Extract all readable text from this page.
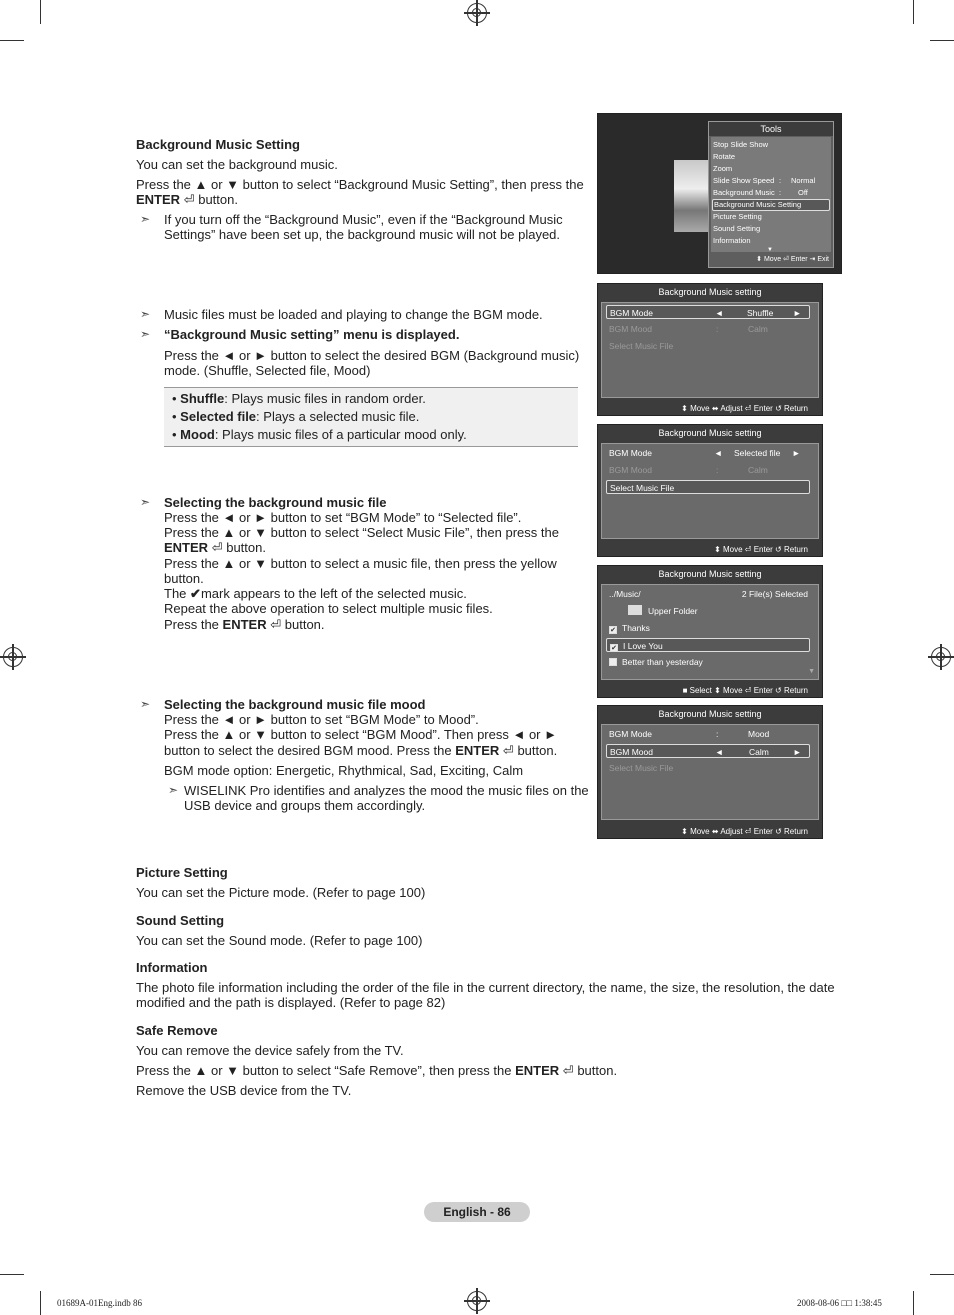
Background Music Setting
You can set the background music.
Press the ▲ or ▼ button to select “Background Music Setting”, then press the
ENTER ⏎ button.
➣ If you turn off the “Background Music”, even if the “Background Music
Settings” have been set up, the background music will not be played.
➣ Music files must be loaded and playing to change the BGM mode.
➣ “Background Music setting” menu is displayed.
Press the ◄ or ► button to select the desired BGM (Background music)
mode. (Shuffle, Selected file, Mood)
• Shuffle: Plays music files in random order.
• Selected file: Plays a selected music file.
• Mood: Plays music files of a particular mood only.
➣ Selecting the background music file
Press the ◄ or ► button to set “BGM Mode” to “Selected file”.
Press the ▲ or ▼ button to select “Select Music File”, then press the
ENTER ⏎ button.
Press the ▲ or ▼ button to select a music file, then press the yellow
button.
The ✔mark appears to the left of the selected music.
Repeat the above operation to select multiple music files.
Press the ENTER ⏎ button.
➣ Selecting the background music file mood
Press the ◄ or ► button to set “BGM Mode” to Mood”.
Press the ▲ or ▼ button to select “BGM Mood”. Then press ◄ or ►
button to select the desired BGM mood. Press the ENTER ⏎ button.
BGM mode option: Energetic, Rhythmical, Sad, Exciting, Calm
➣ WISELINK Pro identifies and analyzes the mood the music files on the
USB device and groups them accordingly.
Picture Setting
You can set the Picture mode. (Refer to page 100)
Sound Setting
You can set the Sound mode. (Refer to page 100)
Information
The photo file information including the order of the file in the current directory, the name, the size, the resolution, the date
modified and the path is displayed. (Refer to page 82)
Safe Remove
You can remove the device safely from the TV.
Press the ▲ or ▼ button to select “Safe Remove”, then press the ENTER ⏎ button.
Remove the USB device from the TV.
English - 86
01689A-01Eng.indb 86	2008-08-06 □□ 1:38:45
Tools
Stop Slide Show
Rotate
Zoom
Slide Show Speed : Normal
Background Music : Off
Background Music Setting
Picture Setting
Sound Setting
Information
▼
⬍ Move ⏎ Enter ⇥ Exit
Background Music setting
BGM Mode	◄	Shuffle ►
BGM Mood	:	Calm
Select Music File
⬍ Move ⬌ Adjust ⏎ Enter ↺ Return
Background Music setting
BGM Mode	◄ Selected file ►
BGM Mood	:	Calm
Select Music File
⬍ Move ⏎ Enter ↺ Return
Background Music setting
../Music/	2 File(s) Selected
Upper Folder
✔ Thanks
✔ I Love You
Better than yesterday
▼
■ Select ⬍ Move ⏎ Enter ↺ Return
Background Music setting
BGM Mode	:	Mood
BGM Mood	◄	Calm	►
Select Music File
⬍ Move ⬌ Adjust ⏎ Enter ↺ Return
